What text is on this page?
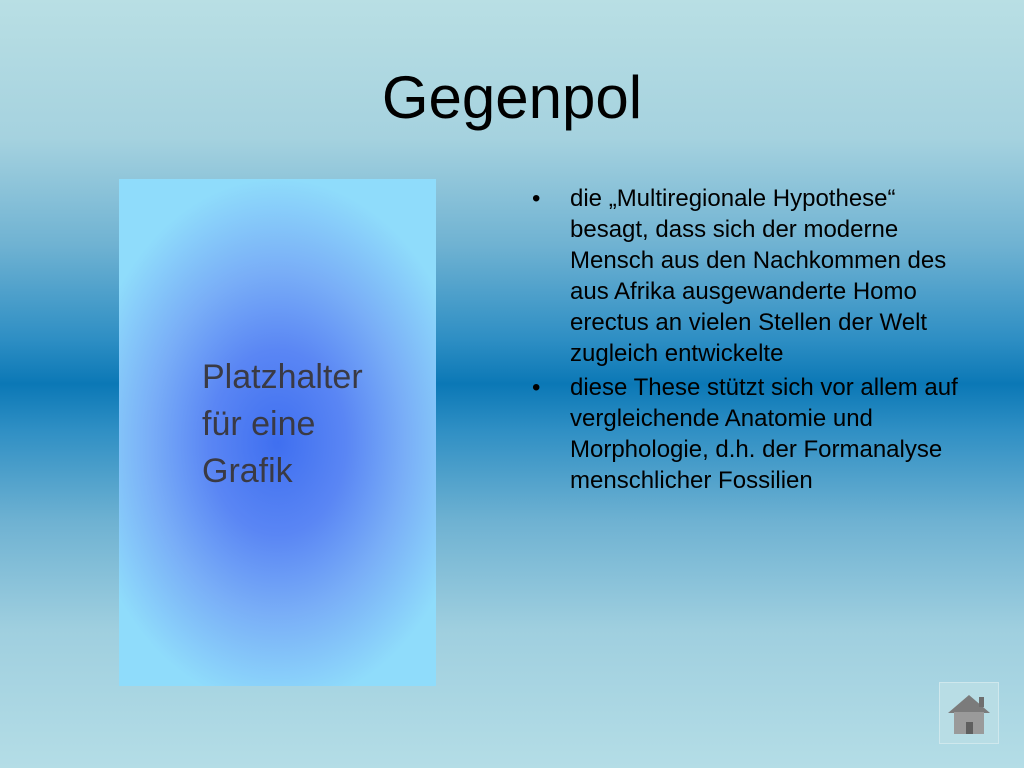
Gegenpol
Platzhalter
für eine
Grafik
• die „Multiregionale Hypothese“ besagt, dass sich der moderne Mensch aus den Nachkommen des aus Afrika ausgewanderte Homo erectus an vielen Stellen der Welt zugleich entwickelte
• diese These stützt sich vor allem auf vergleichende Anatomie und Morphologie, d.h. der Formanalyse menschlicher Fossilien
